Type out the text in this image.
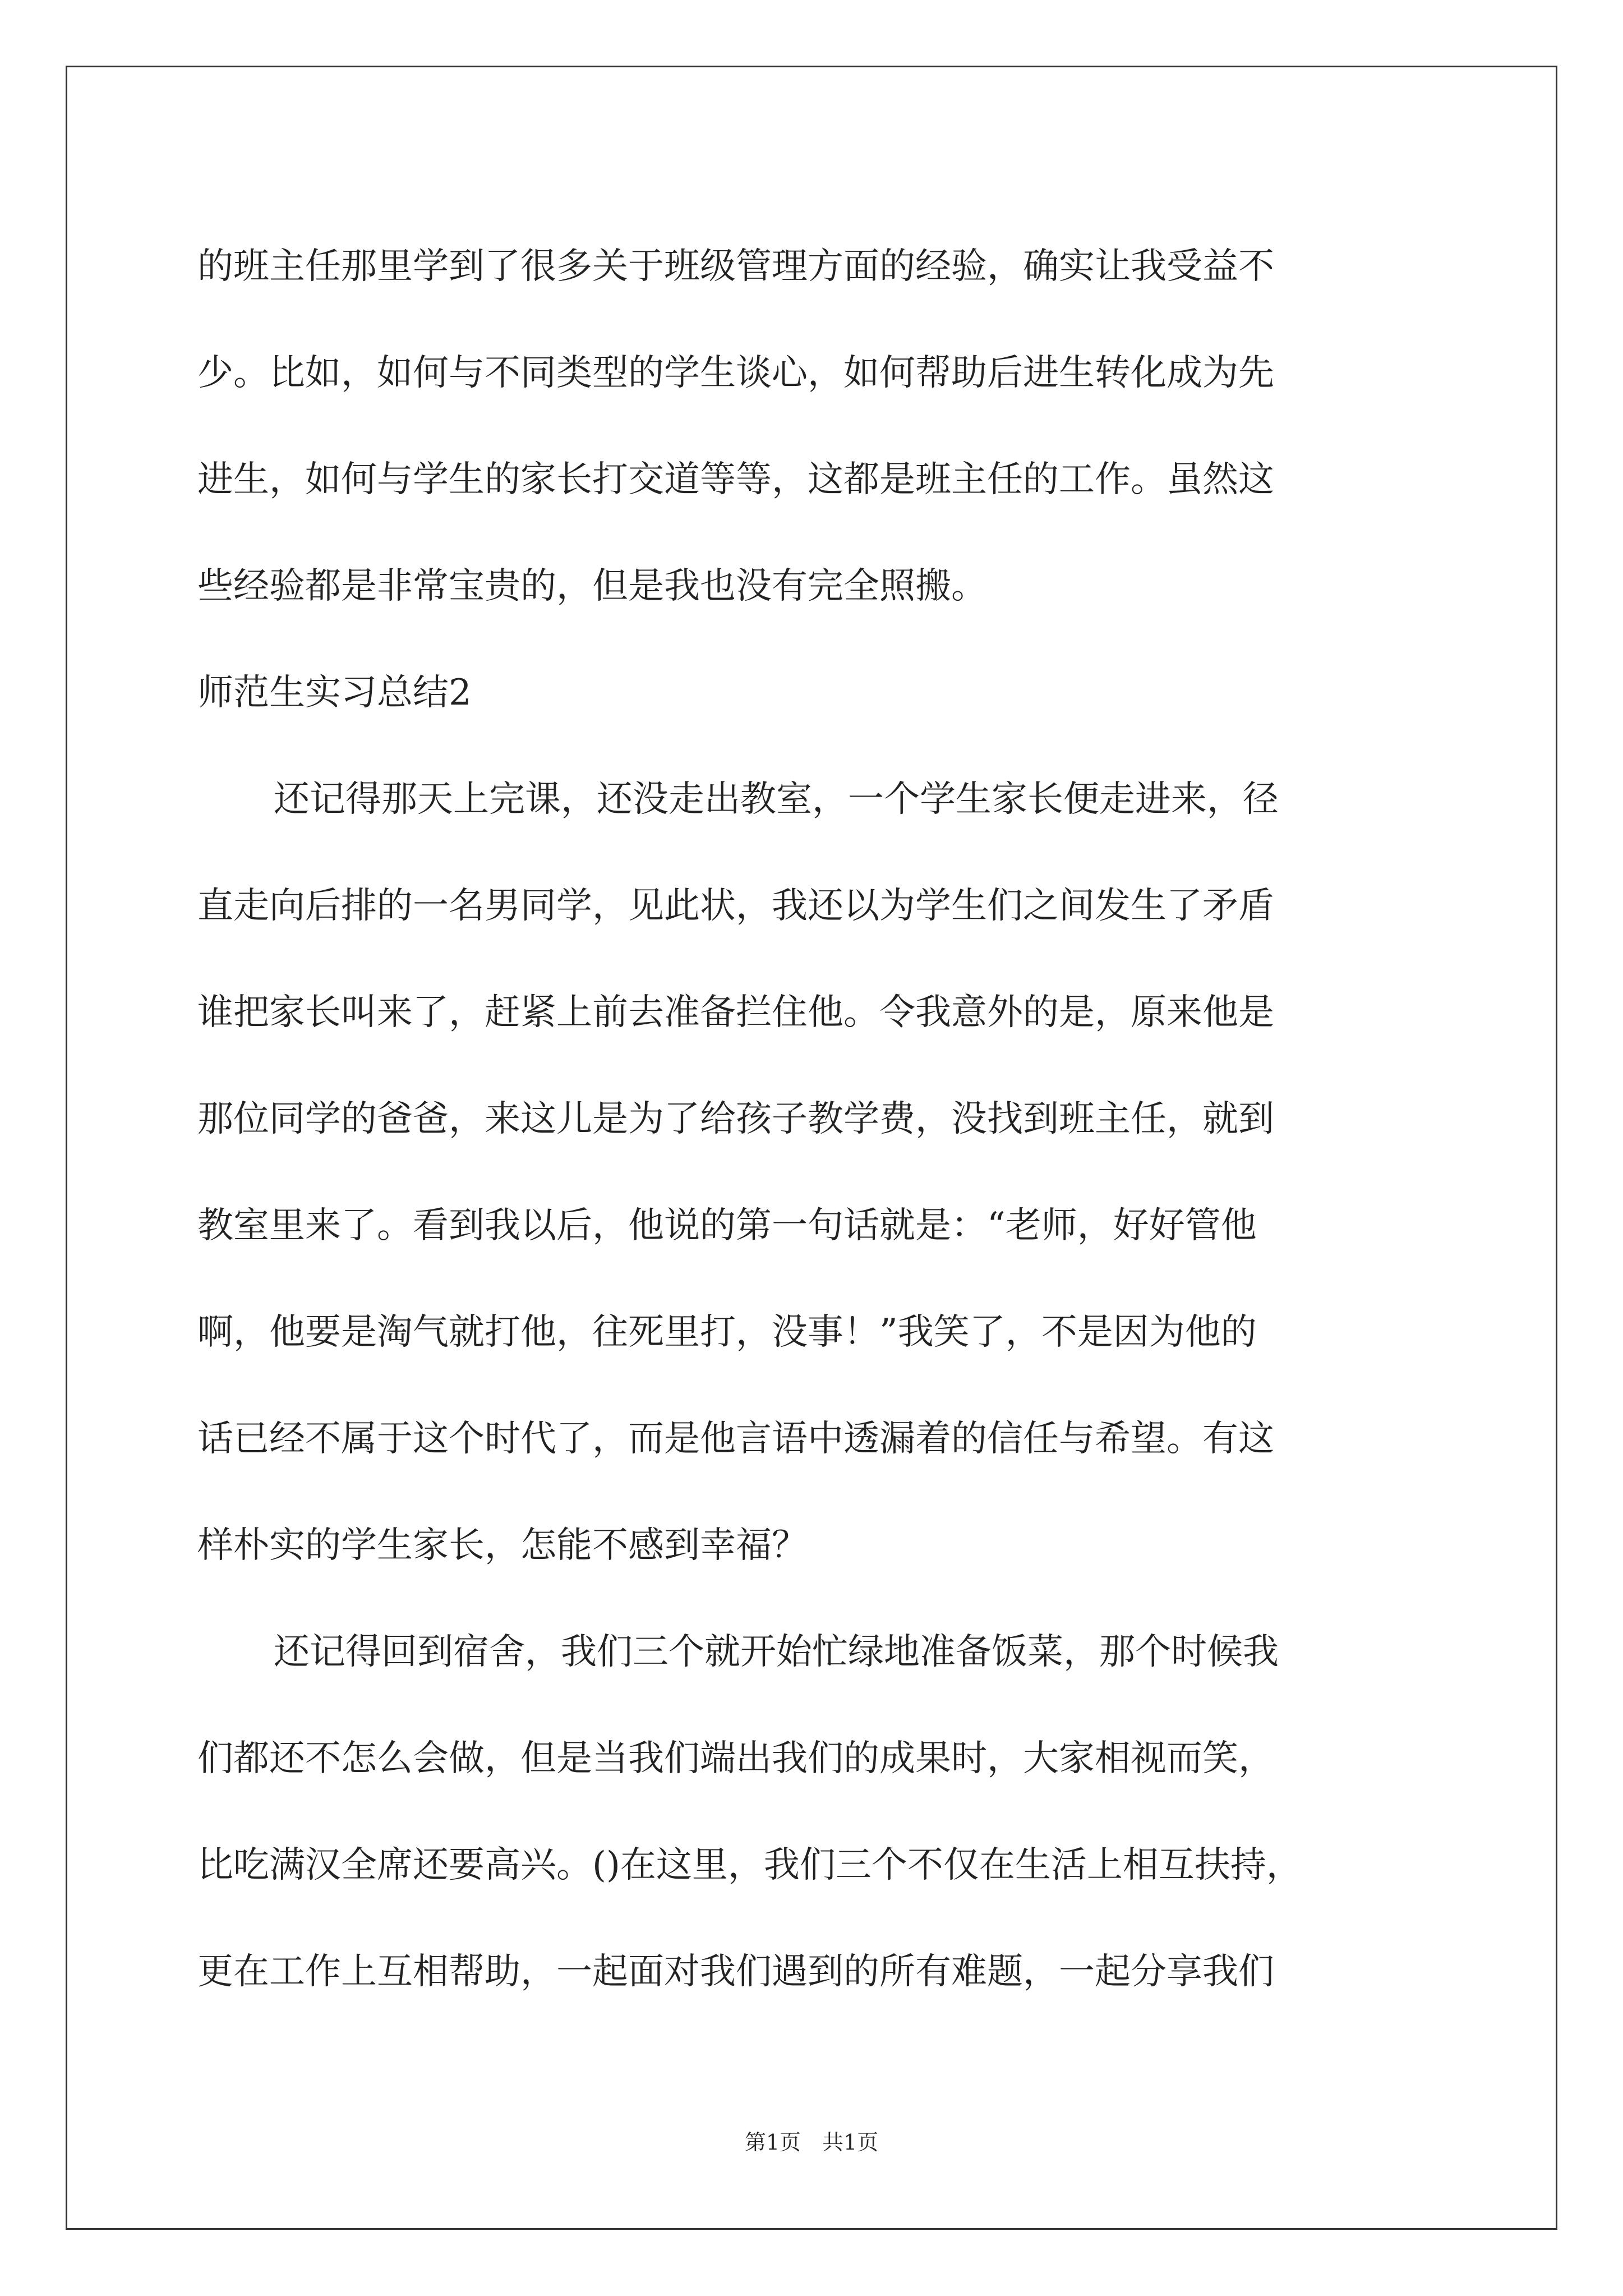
的班主任那里学到了很多关于班级管理方面的经验，确实让我受益不
少。比如，如何与不同类型的学生谈心，如何帮助后进生转化成为先
进生，如何与学生的家长打交道等等，这都是班主任的工作。虽然这
些经验都是非常宝贵的，但是我也没有完全照搬。
师范生实习总结2
还记得那天上完课，还没走出教室，一个学生家长便走进来，径
直走向后排的一名男同学，见此状，我还以为学生们之间发生了矛盾
谁把家长叫来了，赶紧上前去准备拦住他。令我意外的是，原来他是
那位同学的爸爸，来这儿是为了给孩子教学费，没找到班主任，就到
教室里来了。看到我以后，他说的第一句话就是：“老师，好好管他
啊，他要是淘气就打他，往死里打，没事！”我笑了，不是因为他的
话已经不属于这个时代了，而是他言语中透漏着的信任与希望。有这
样朴实的学生家长，怎能不感到幸福？
还记得回到宿舍，我们三个就开始忙绿地准备饭菜，那个时候我
们都还不怎么会做，但是当我们端出我们的成果时，大家相视而笑，
比吃满汉全席还要高兴。()在这里，我们三个不仅在生活上相互扶持，
更在工作上互相帮助，一起面对我们遇到的所有难题，一起分享我们
第1页　共1页
